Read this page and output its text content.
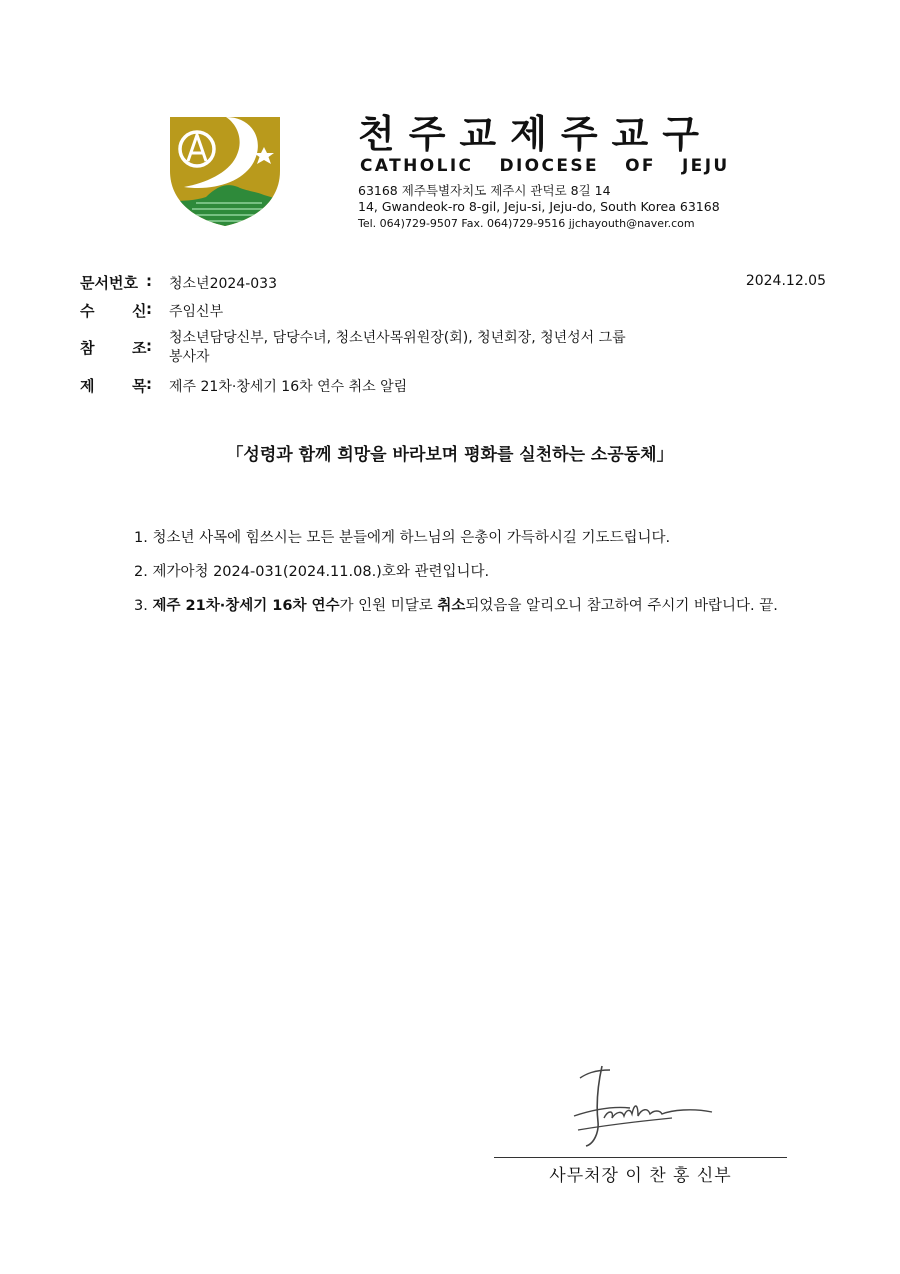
천주교제주교구
CATHOLIC DIOCESE OF JEJU
63168 제주특별자치도 제주시 관덕로 8길 14
14, Gwandeok-ro 8-gil, Jeju-si, Jeju-do, South Korea 63168
Tel. 064)729-9507 Fax. 064)729-9516 jjchayouth@naver.com
문서번호 : 청소년2024-033	2024.12.05
수	신 : 주임신부
참	조 : 청소년담당신부, 담당수녀, 청소년사목위원장(회), 청년회장, 청년성서 그룹
봉사자
제	목 : 제주 21차·창세기 16차 연수 취소 알림
「성령과 함께 희망을 바라보며 평화를 실천하는 소공동체」
1. 청소년 사목에 힘쓰시는 모든 분들에게 하느님의 은총이 가득하시길 기도드립니다.
2. 제가아청 2024-031(2024.11.08.)호와 관련입니다.
3. 제주 21차·창세기 16차 연수가 인원 미달로 취소되었음을 알리오니 참고하여 주시기 바랍니다. 끝.
사무처장 이 찬 홍 신부
